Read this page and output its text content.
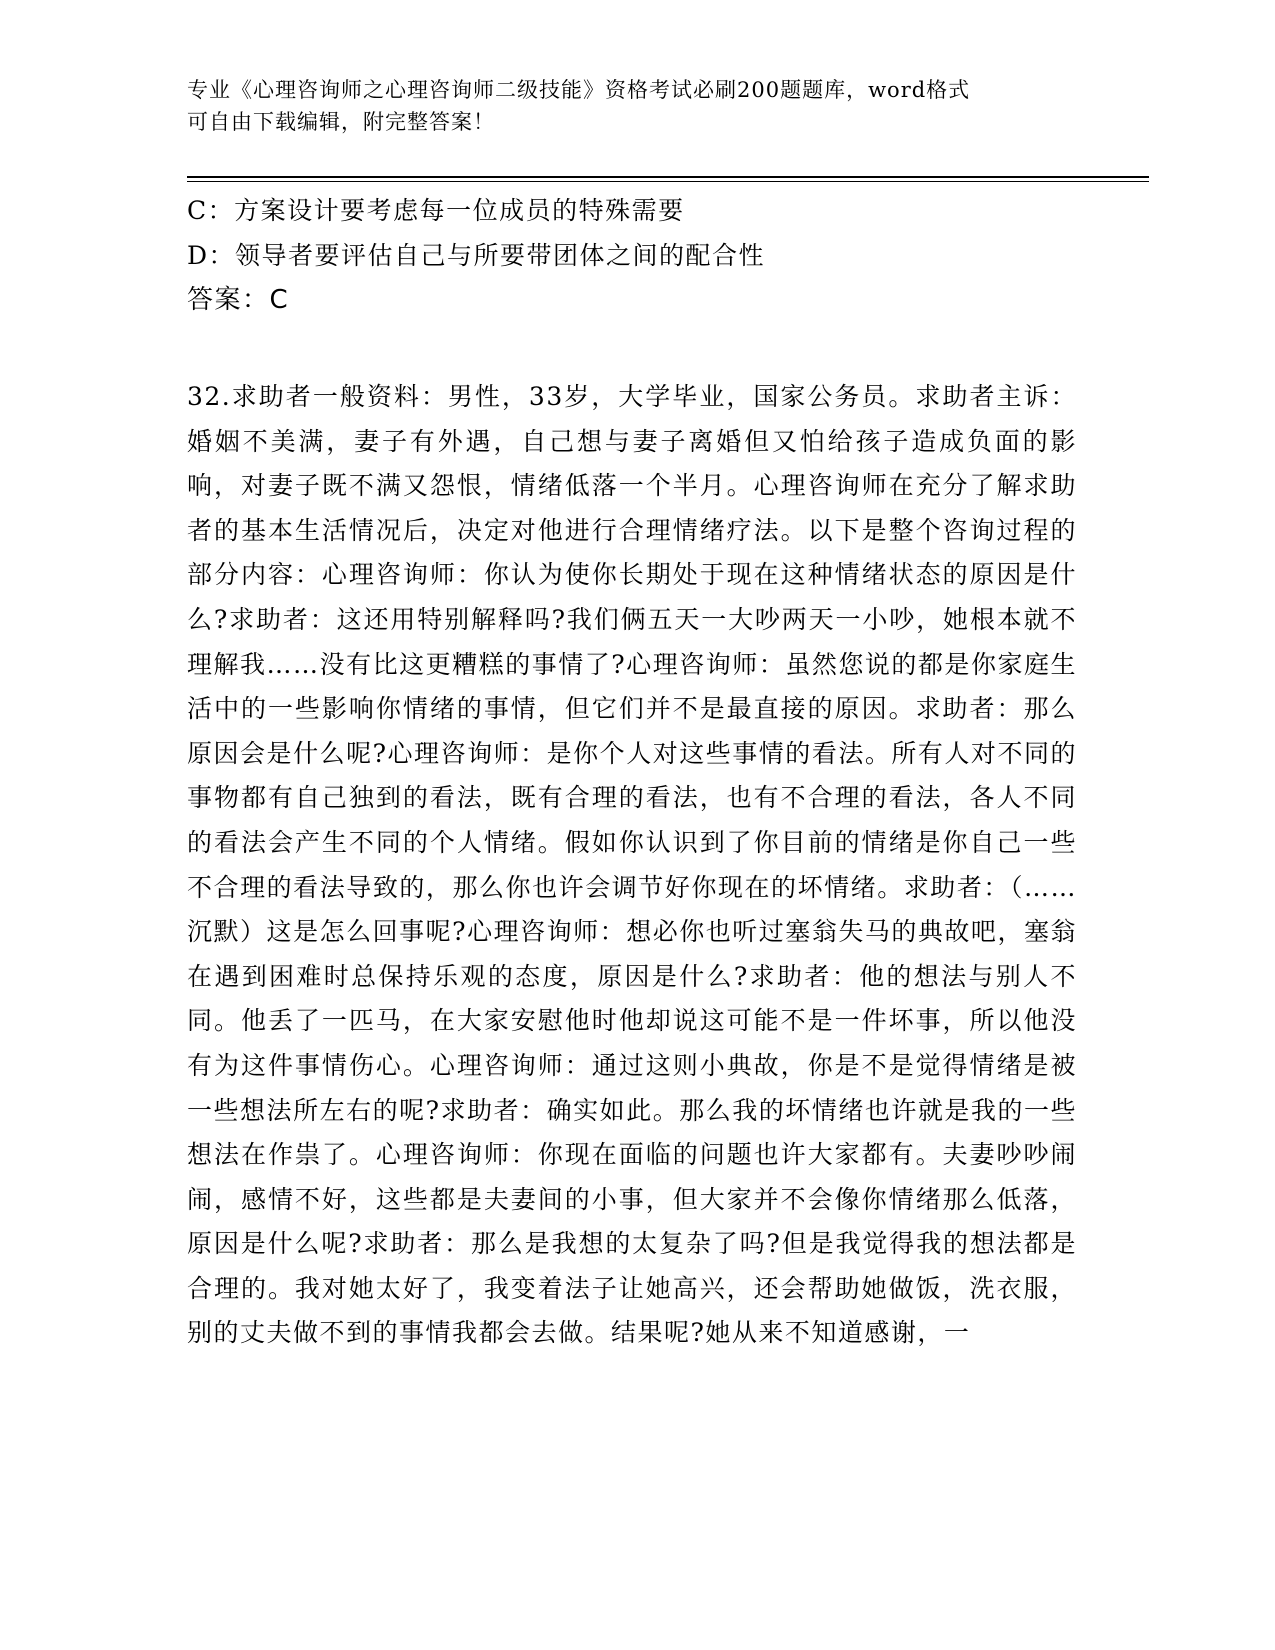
专业《心理咨询师之心理咨询师二级技能》资格考试必刷200题题库，word格式
可自由下载编辑，附完整答案！

C：方案设计要考虑每一位成员的特殊需要

D：领导者要评估自己与所要带团体之间的配合性

答案：C

32.求助者一般资料：男性，33岁，大学毕业，国家公务员。求助者主诉：婚姻不美满，妻子有外遇，自己想与妻子离婚但又怕给孩子造成负面的影响，对妻子既不满又怨恨，情绪低落一个半月。心理咨询师在充分了解求助者的基本生活情况后，决定对他进行合理情绪疗法。以下是整个咨询过程的部分内容：心理咨询师：你认为使你长期处于现在这种情绪状态的原因是什么?求助者：这还用特别解释吗?我们俩五天一大吵两天一小吵，她根本就不理解我……没有比这更糟糕的事情了?心理咨询师：虽然您说的都是你家庭生活中的一些影响你情绪的事情，但它们并不是最直接的原因。求助者：那么原因会是什么呢?心理咨询师：是你个人对这些事情的看法。所有人对不同的事物都有自己独到的看法，既有合理的看法，也有不合理的看法，各人不同的看法会产生不同的个人情绪。假如你认识到了你目前的情绪是你自己一些不合理的看法导致的，那么你也许会调节好你现在的坏情绪。求助者：（……沉默）这是怎么回事呢?心理咨询师：想必你也听过塞翁失马的典故吧，塞翁在遇到困难时总保持乐观的态度，原因是什么?求助者：他的想法与别人不同。他丢了一匹马，在大家安慰他时他却说这可能不是一件坏事，所以他没有为这件事情伤心。心理咨询师：通过这则小典故，你是不是觉得情绪是被一些想法所左右的呢?求助者：确实如此。那么我的坏情绪也许就是我的一些想法在作祟了。心理咨询师：你现在面临的问题也许大家都有。夫妻吵吵闹闹，感情不好，这些都是夫妻间的小事，但大家并不会像你情绪那么低落，原因是什么呢?求助者：那么是我想的太复杂了吗?但是我觉得我的想法都是合理的。我对她太好了，我变着法子让她高兴，还会帮助她做饭，洗衣服，别的丈夫做不到的事情我都会去做。结果呢?她从来不知道感谢，一
